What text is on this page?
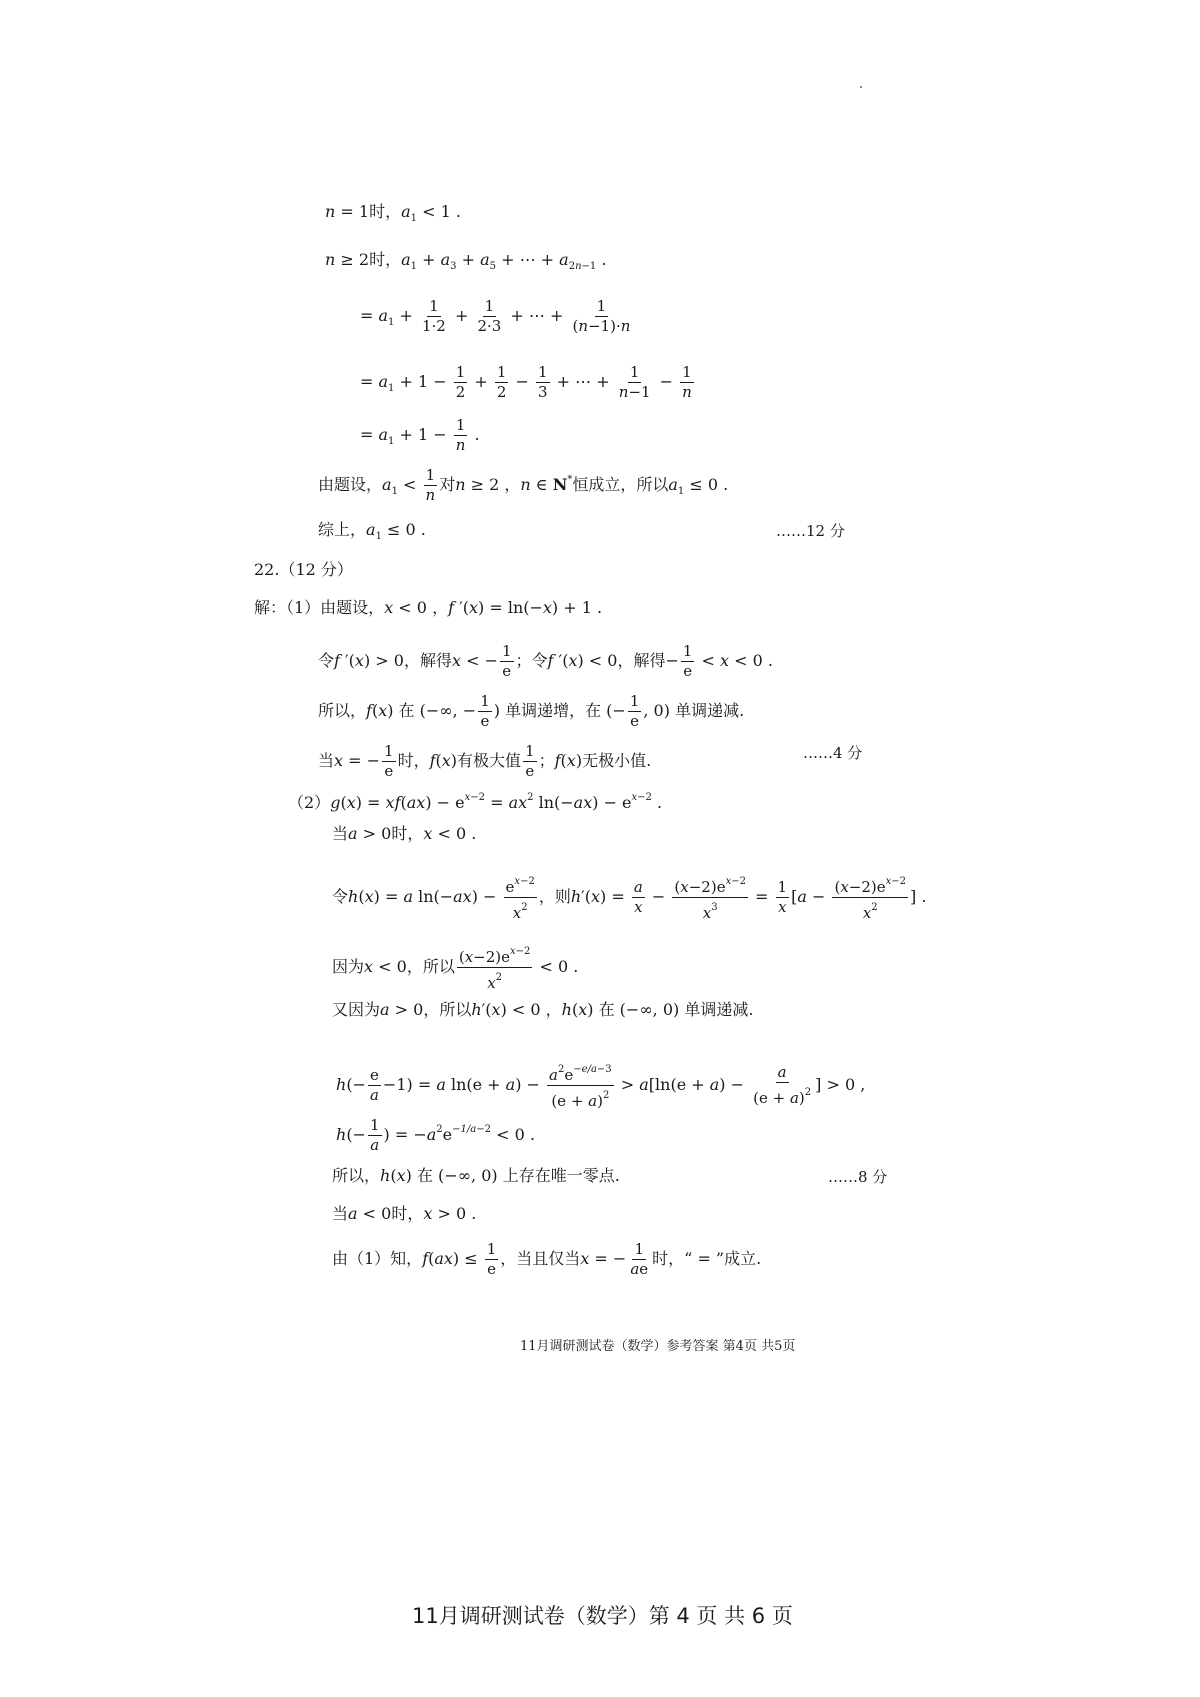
n = 1时，$a_1 < 1$ .
n ≥ 2时，$a_1 + a_3 + a_5$ + ⋯ + $a_{2n-1}$ .
= $a_1 + \frac{1}{1\cdot 2} + \frac{1}{2\cdot 3}$ + ⋯ + $\frac{1}{(n-1)\cdot n}$
= $a_1 + 1 - \frac{1}{2} + \frac{1}{2} - \frac{1}{3}$ + ⋯ + $\frac{1}{n-1} - \frac{1}{n}$
= $a_1 + 1 - \frac{1}{n}$ .
由题设，$a_1 < \frac{1}{n}$ 对n ≥ 2 ，n ∈ N*恒成立，所以$a_1 \le 0$ .
综上，$a_1 \le 0$ .	……12 分
22.（12 分）
解：（1）由题设，x < 0 ，f ′(x) = ln(−x) + 1 .
令f ′(x) > 0，解得x < − $\frac{1}{e}$ ；令f ′(x) < 0，解得− $\frac{1}{e} < x < 0$ .
所以，f(x) 在 (−∞, − $\frac{1}{e}$ ) 单调递增，在 (− $\frac{1}{e}$ , 0) 单调递减.
当x = − $\frac{1}{e}$ 时，f(x)有极大值 $\frac{1}{e}$ ；f(x)无极小值.	……4 分
$(2)g(x) = xf(ax) - e^{x-2} = ax^2$ $\ln(-ax) - e^{x-2}$ .
当a > 0时，x < 0 .
令h(x) = a $\ln(-ax) - \frac{e^{x-2}}{x^2}$ ，则$h'(x) = \frac{a}{x} - \frac{(x-2)e^{x-2}}{x^3} = \frac{1}{x} [a - \frac{(x-2)e^{x-2}}{x^2}$ ] .
因为x < 0，所以 $\frac{(x-2)e^{x-2}}{x^2} < 0$ .
又因为a > 0，所以h′(x) < 0 ，h(x) 在 (−∞, 0) 单调递减.
$h(- \frac{e}{a} -1) = a$ $\ln(e + a) - \frac{a^2e^{-e/a-3}}{(e + a)^2} > a[\ln(e + a) - \frac{a}{(e + a)^2}$ ] > 0 ,
$h(- \frac{1}{a}$ ) = $-a^2e^{-1/a-2} < 0$ .
所以，h(x) 在 (−∞, 0) 上存在唯一零点.	……8 分
当a < 0时，x > 0 .
由（1）知，$f(ax) \le \frac{1}{e}$ ，当且仅当x = − $\frac{1}{ae}$ 时，“ = ”成立.
11月调研测试卷（数学）参考答案 第4页 共5页
11月调研测试卷（数学）第 4 页 共 6 页
